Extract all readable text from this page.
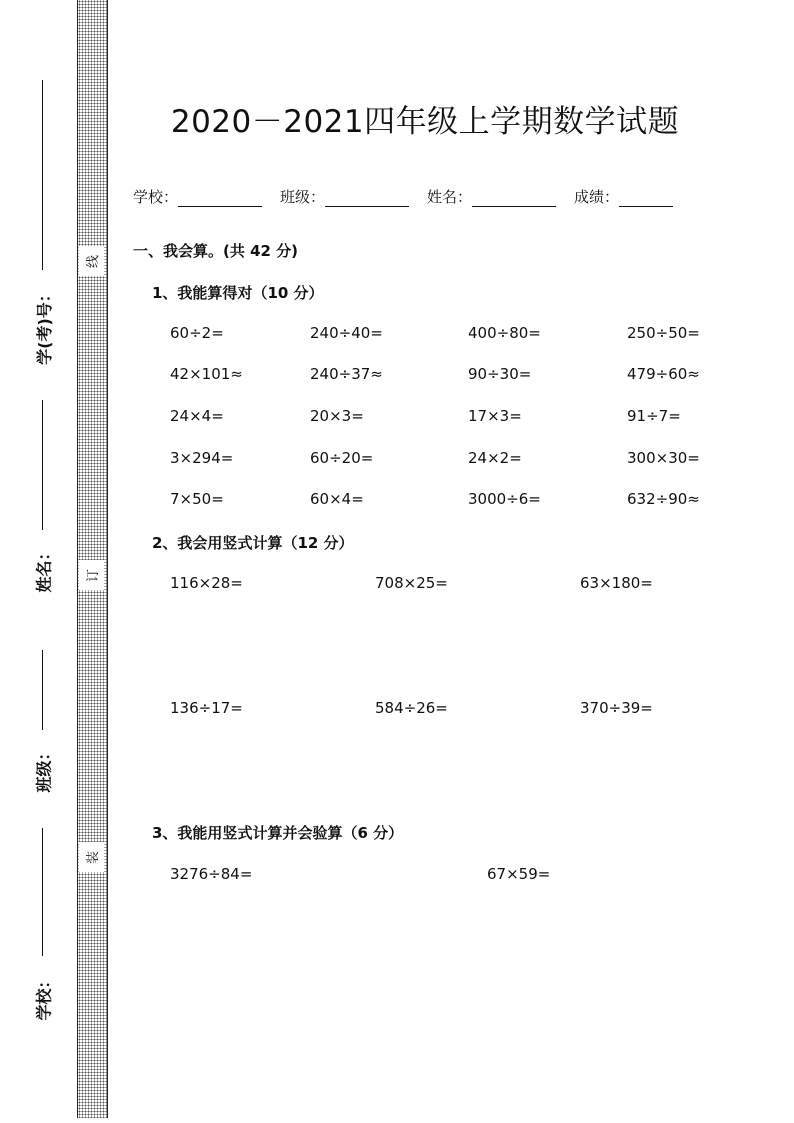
线
订
装
学(考)号：
姓名：
班级：
学校：
2020－2021四年级上学期数学试题
学校：	班级：	姓名：	成绩：
一、我会算。(共 42 分)
1、我能算得对（10 分）
60÷2=	240÷40=	400÷80=	250÷50=
42×101≈	240÷37≈	90÷30=	479÷60≈
24×4=	20×3=	17×3=	91÷7=
3×294=	60÷20=	24×2=	300×30=
7×50=	60×4=	3000÷6=	632÷90≈
2、我会用竖式计算（12 分）
116×28=	708×25=	63×180=
136÷17=	584÷26=	370÷39=
3、我能用竖式计算并会验算（6 分）
3276÷84=	67×59=
